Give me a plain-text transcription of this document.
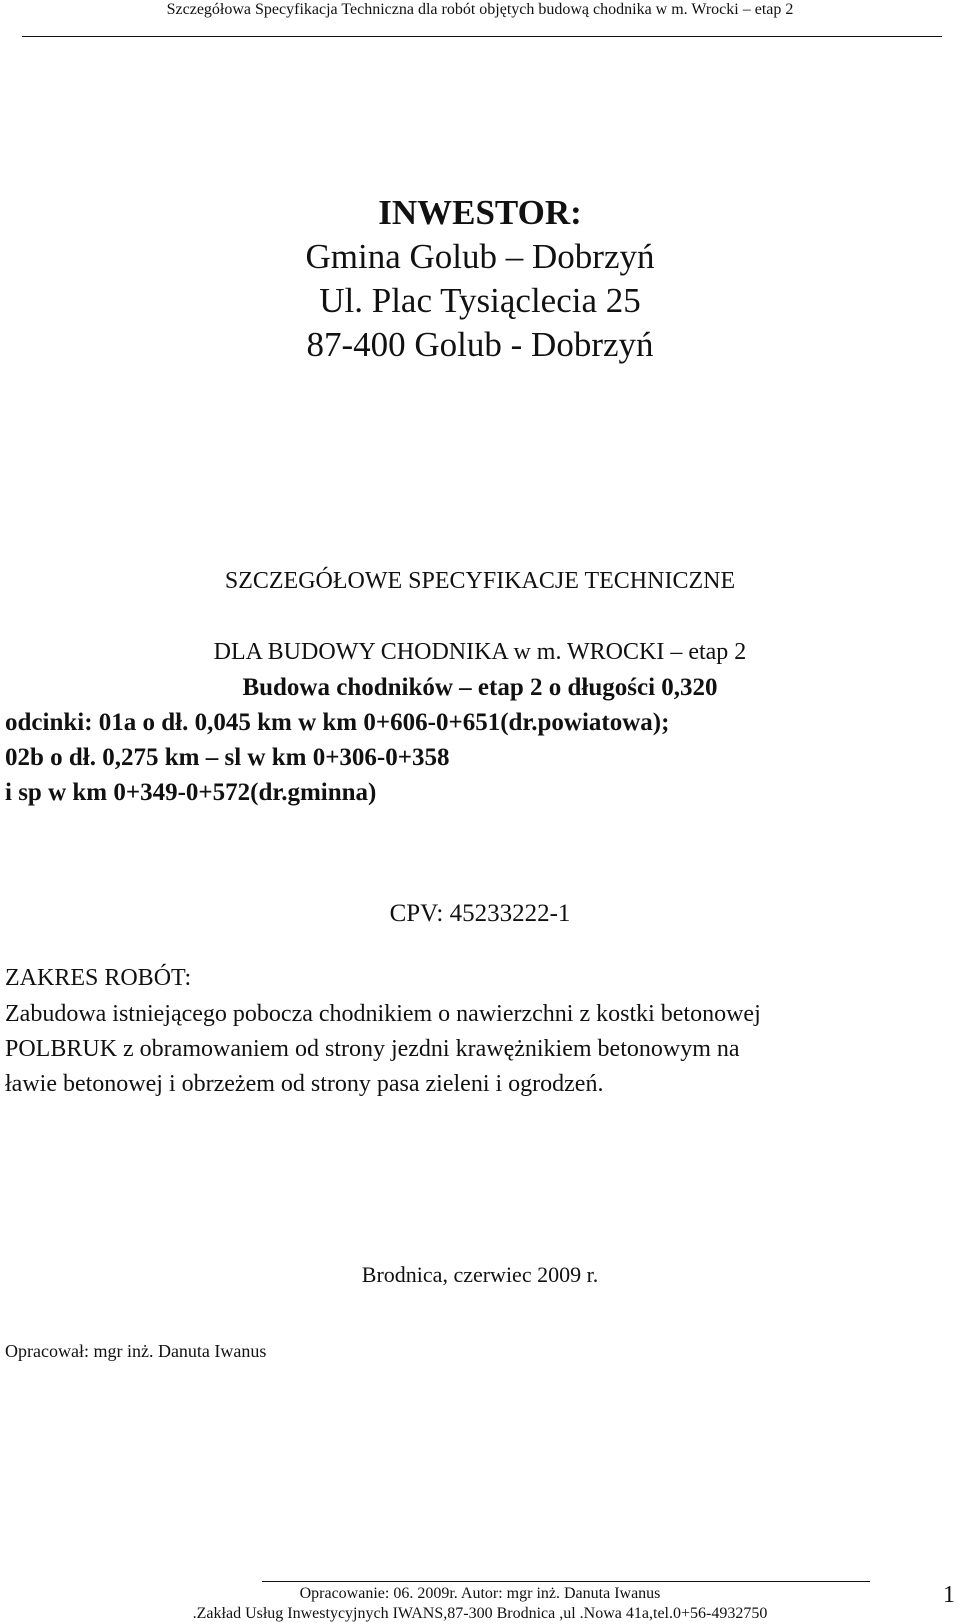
Szczegółowa Specyfikacja Techniczna dla robót objętych budową chodnika w m. Wrocki – etap 2
INWESTOR:
Gmina Golub – Dobrzyń
Ul. Plac Tysiąclecia 25
87-400 Golub - Dobrzyń
SZCZEGÓŁOWE SPECYFIKACJE TECHNICZNE
DLA BUDOWY CHODNIKA w m. WROCKI – etap 2
Budowa chodników – etap 2 o długości 0,320
odcinki: 01a o dł. 0,045 km w km 0+606-0+651(dr.powiatowa);
02b o dł. 0,275 km – sl w km 0+306-0+358
i sp w km 0+349-0+572(dr.gminna)
CPV: 45233222-1
ZAKRES ROBÓT:
Zabudowa istniejącego pobocza chodnikiem o nawierzchni z kostki betonowej
POLBRUK z obramowaniem od strony jezdni krawężnikiem betonowym na
ławie betonowej i obrzeżem od strony pasa zieleni i ogrodzeń.
Brodnica, czerwiec 2009 r.
Opracował: mgr inż. Danuta Iwanus
Opracowanie: 06. 2009r. Autor: mgr inż. Danuta Iwanus
.Zakład Usług Inwestycyjnych IWANS,87-300 Brodnica ,ul .Nowa 41a,tel.0+56-4932750
1
